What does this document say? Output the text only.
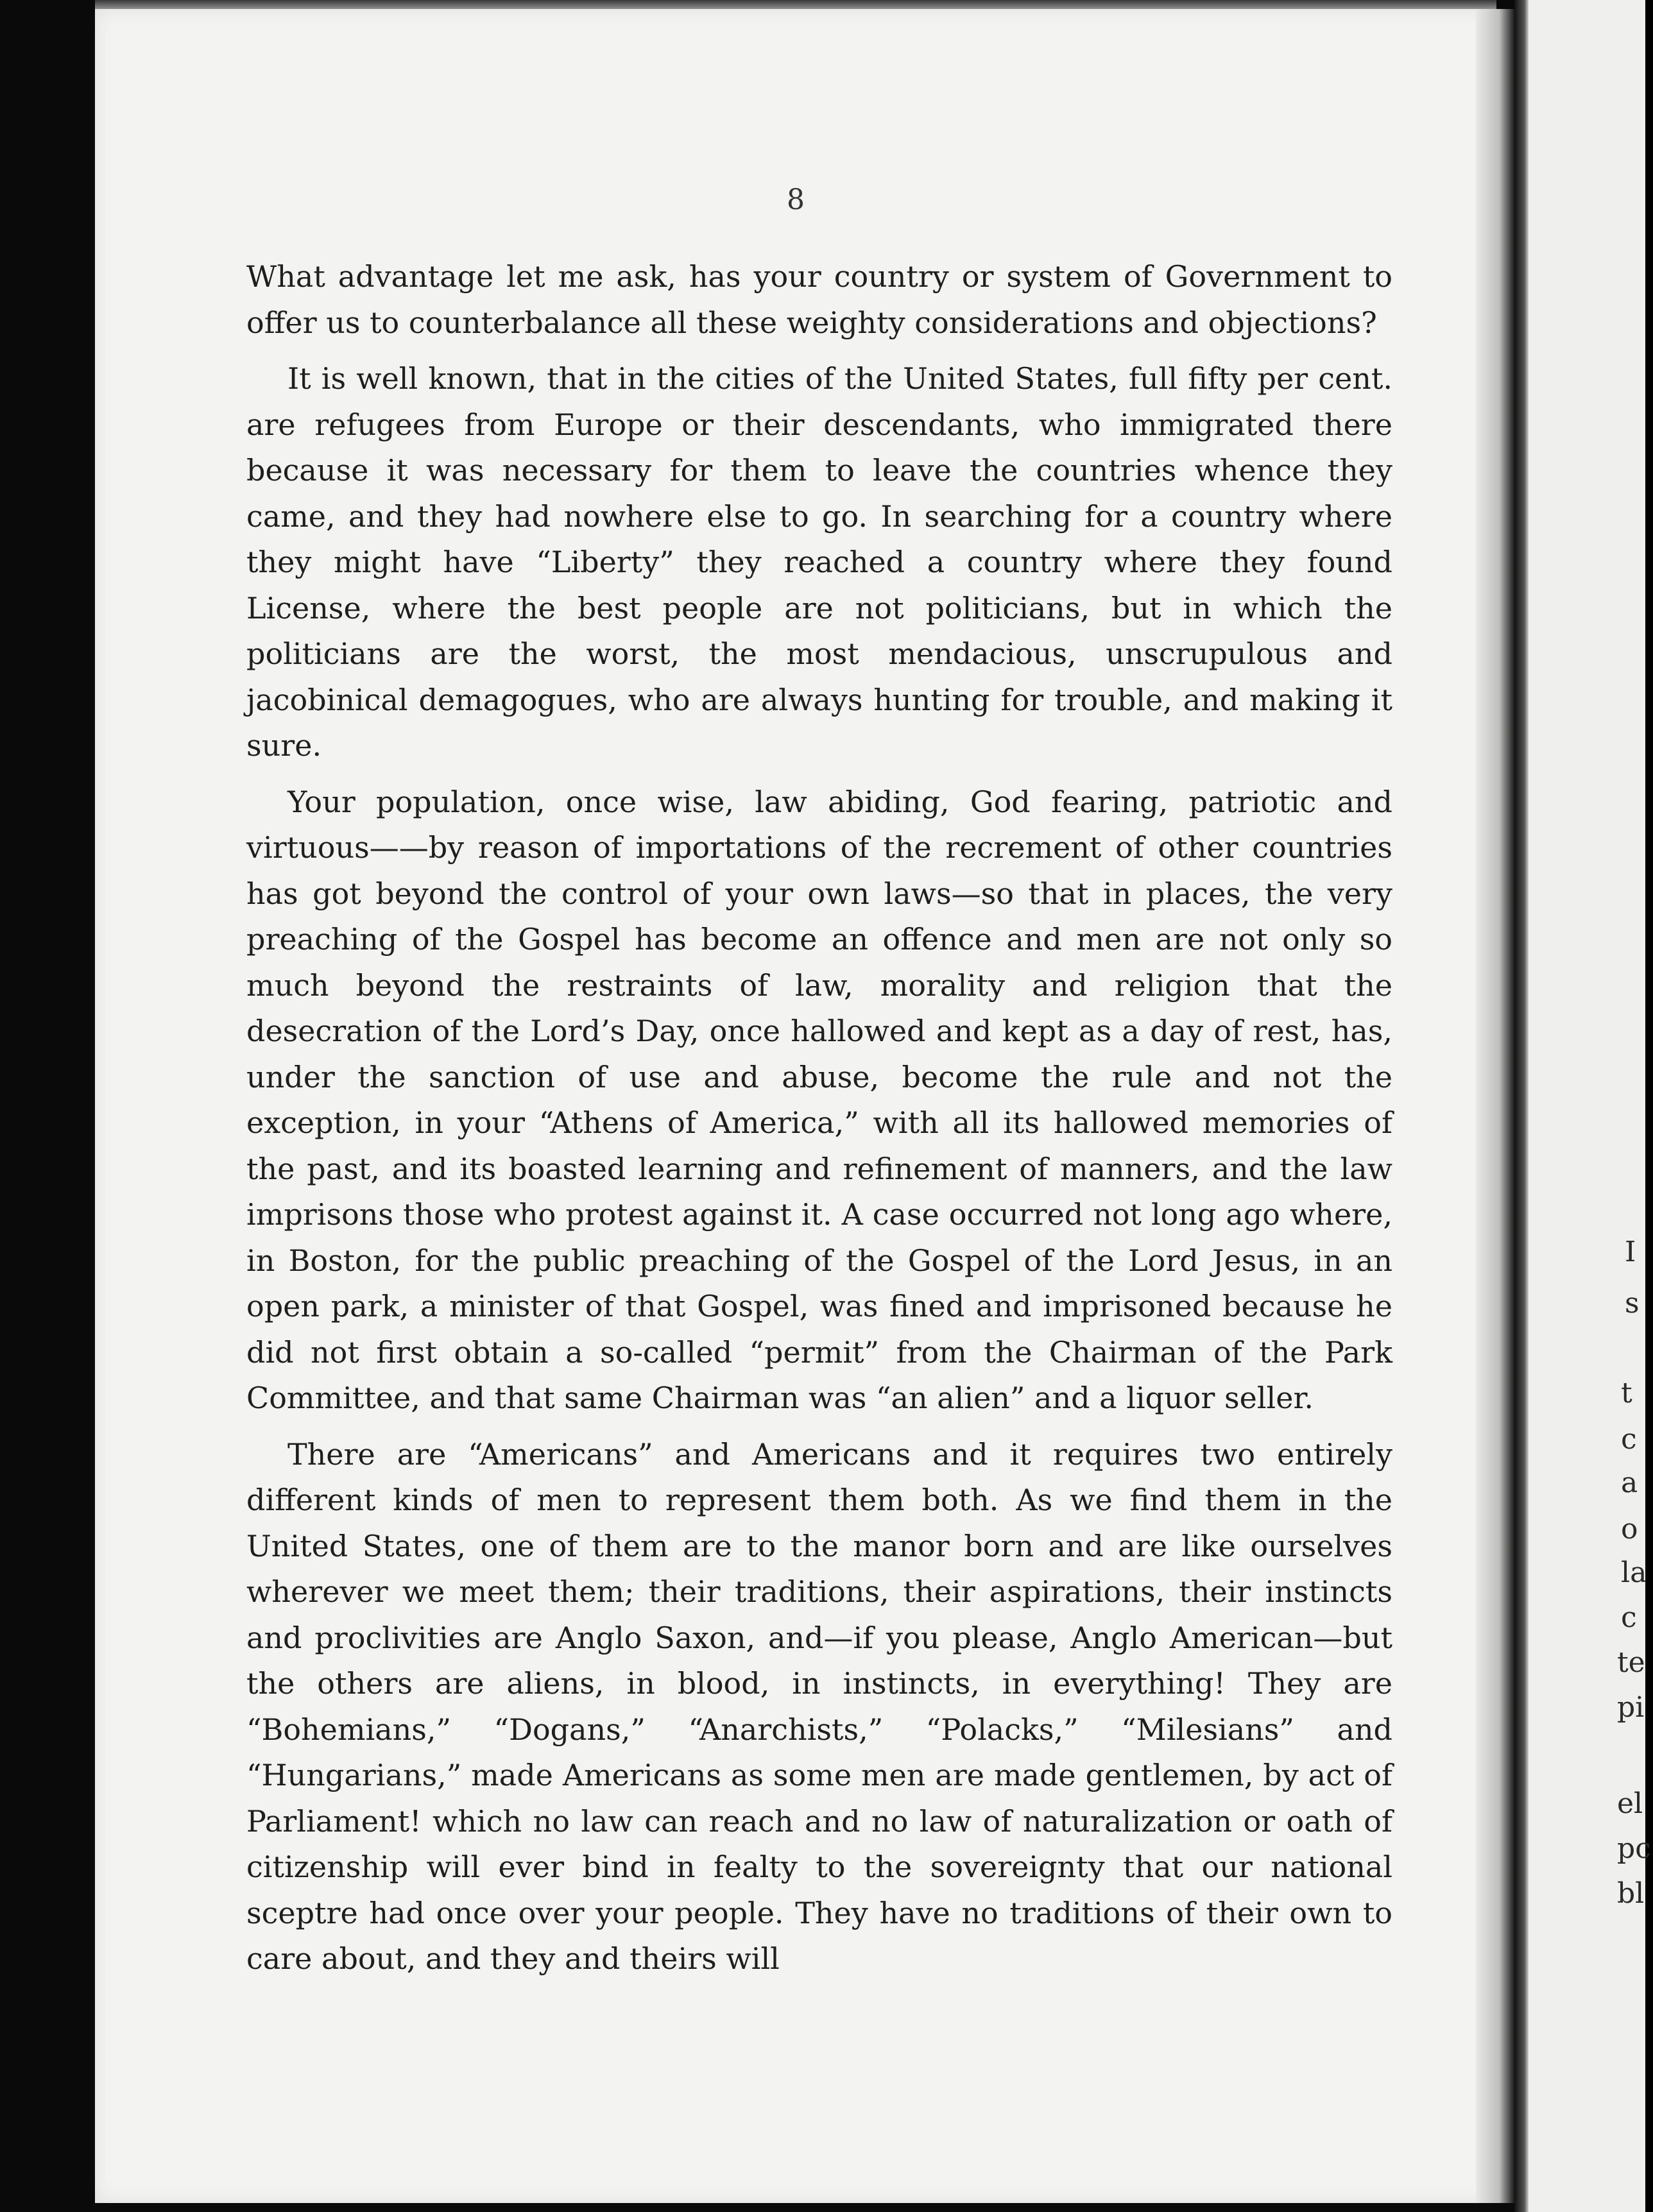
8

What advantage let me ask, has your country or system of Government to offer us to counterbalance all these weighty considerations and objections?

It is well known, that in the cities of the United States, full fifty per cent. are refugees from Europe or their descendants, who immigrated there because it was necessary for them to leave the countries whence they came, and they had nowhere else to go. In searching for a country where they might have “Liberty” they reached a country where they found License, where the best people are not politicians, but in which the politicians are the worst, the most mendacious, unscrupulous and jacobinical demagogues, who are always hunting for trouble, and making it sure.

Your population, once wise, law abiding, God fearing, patriotic and virtuous——by reason of importations of the recrement of other countries has got beyond the control of your own laws—so that in places, the very preaching of the Gospel has become an offence and men are not only so much beyond the restraints of law, morality and religion that the desecration of the Lord’s Day, once hallowed and kept as a day of rest, has, under the sanction of use and abuse, become the rule and not the exception, in your “Athens of America,” with all its hallowed memories of the past, and its boasted learning and refinement of manners, and the law imprisons those who protest against it. A case occurred not long ago where, in Boston, for the public preaching of the Gospel of the Lord Jesus, in an open park, a minister of that Gospel, was fined and imprisoned because he did not first obtain a so-called “permit” from the Chairman of the Park Committee, and that same Chairman was “an alien” and a liquor seller.

There are “Americans” and Americans and it requires two entirely different kinds of men to represent them both. As we find them in the United States, one of them are to the manor born and are like ourselves wherever we meet them; their traditions, their aspirations, their instincts and proclivities are Anglo Saxon, and—if you please, Anglo American—but the others are aliens, in blood, in instincts, in everything! They are “Bohemians,” “Dogans,” “Anarchists,” “Polacks,” “Milesians” and “Hungarians,” made Americans as some men are made gentlemen, by act of Parliament! which no law can reach and no law of naturalization or oath of citizenship will ever bind in fealty to the sovereignty that our national sceptre had once over your people. They have no traditions of their own to care about, and they and theirs will

I
s
t
c
a
o
la
c
te
pi
el
pc
bl
